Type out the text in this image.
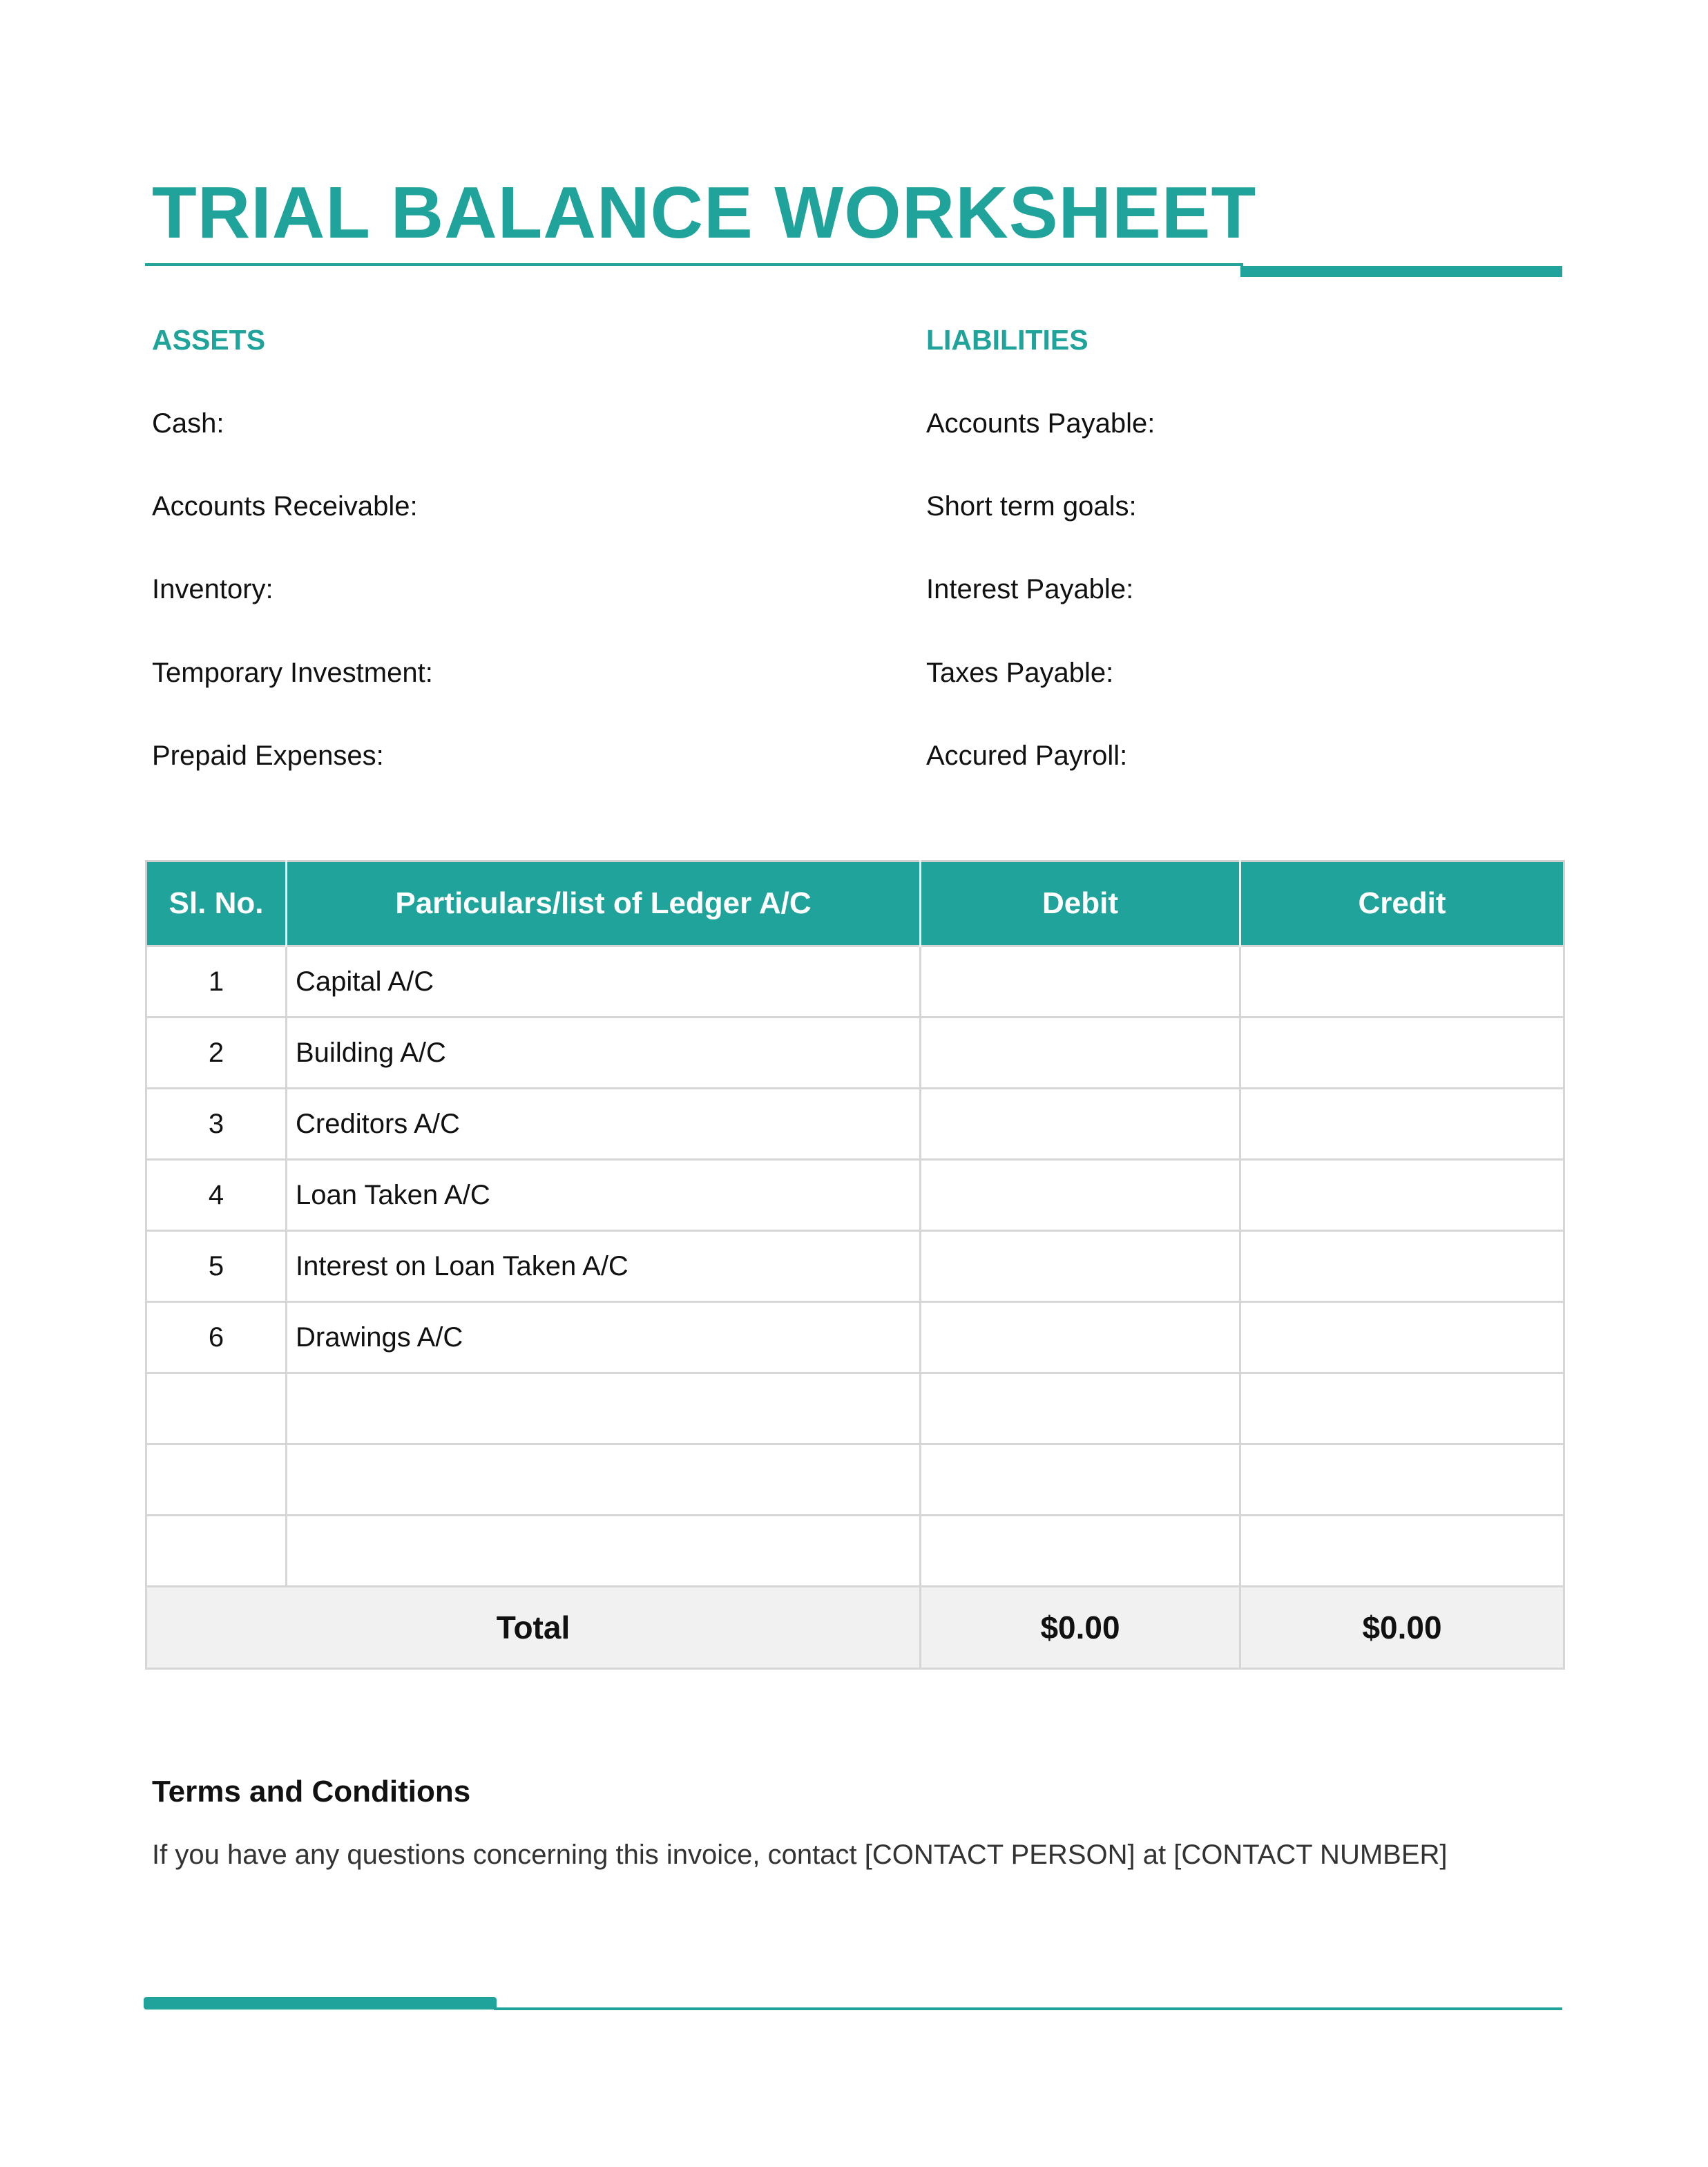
TRIAL BALANCE WORKSHEET
ASSETS
Cash:
Accounts Receivable:
Inventory:
Temporary Investment:
Prepaid Expenses:
LIABILITIES
Accounts Payable:
Short term goals:
Interest Payable:
Taxes Payable:
Accured Payroll:
Sl. No.	Particulars/list of Ledger A/C	Debit	Credit
1	Capital A/C		
2	Building A/C		
3	Creditors A/C		
4	Loan Taken A/C		
5	Interest on Loan Taken A/C		
6	Drawings A/C		

Total		$0.00	$0.00
Terms and Conditions
If you have any questions concerning this invoice, contact [CONTACT PERSON] at [CONTACT NUMBER]
